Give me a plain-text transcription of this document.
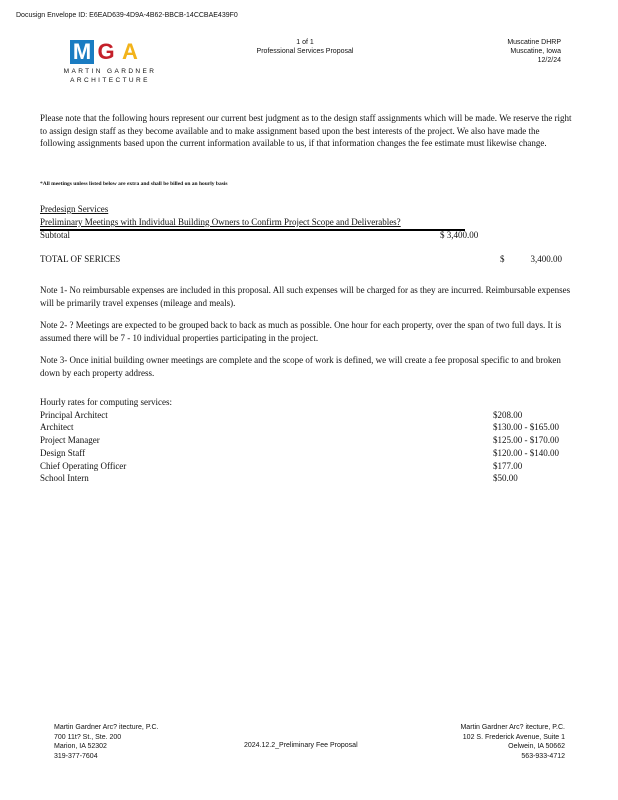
Docusign Envelope ID: E6EAD639-4D9A-4B62-BBCB-14CCBAE439F0
M G A
MARTIN GARDNER
ARCHITECTURE
1 of 1
Professional Services Proposal
Muscatine DHRP
Muscatine, Iowa
12/2/24
Please note that the following hours represent our current best judgment as to the design staff assignments which will be made. We reserve the right to assign design staff as they become available and to make assignment based upon the best interests of the project. We also have made the following assignments based upon the current information available to us, if that information changes the fee estimate must likewise change.
*All meetings unless listed below are extra and shall be billed on an hourly basis
Predesign Services
Preliminary Meetings with Individual Building Owners to Confirm Project Scope and Deliverables?
Subtotal	$ 3,400.00
TOTAL OF SERICES	$	3,400.00
Note 1- No reimbursable expenses are included in this proposal. All such expenses will be charged for as they are incurred. Reimbursable expenses will be primarily travel expenses (mileage and meals).
Note 2- ? Meetings are expected to be grouped back to back as much as possible. One hour for each property, over the span of two full days. It is assumed there will be 7 - 10 individual properties participating in the project.
Note 3- Once initial building owner meetings are complete and the scope of work is defined, we will create a fee proposal specific to and broken down by each property address.
Hourly rates for computing services:
Principal Architect	$208.00
Architect	$130.00 - $165.00
Project Manager	$125.00 - $170.00
Design Staff	$120.00 - $140.00
Chief Operating Officer	$177.00
School Intern	$50.00
Martin Gardner Arc? itecture, P.C.
700 11t? St., Ste. 200
Marion, IA 52302
319-377-7604
2024.12.2_Preliminary Fee Proposal
Martin Gardner Arc? itecture, P.C.
102 S. Frederick Avenue, Suite 1
Oelwein, IA 50662
563-933-4712
